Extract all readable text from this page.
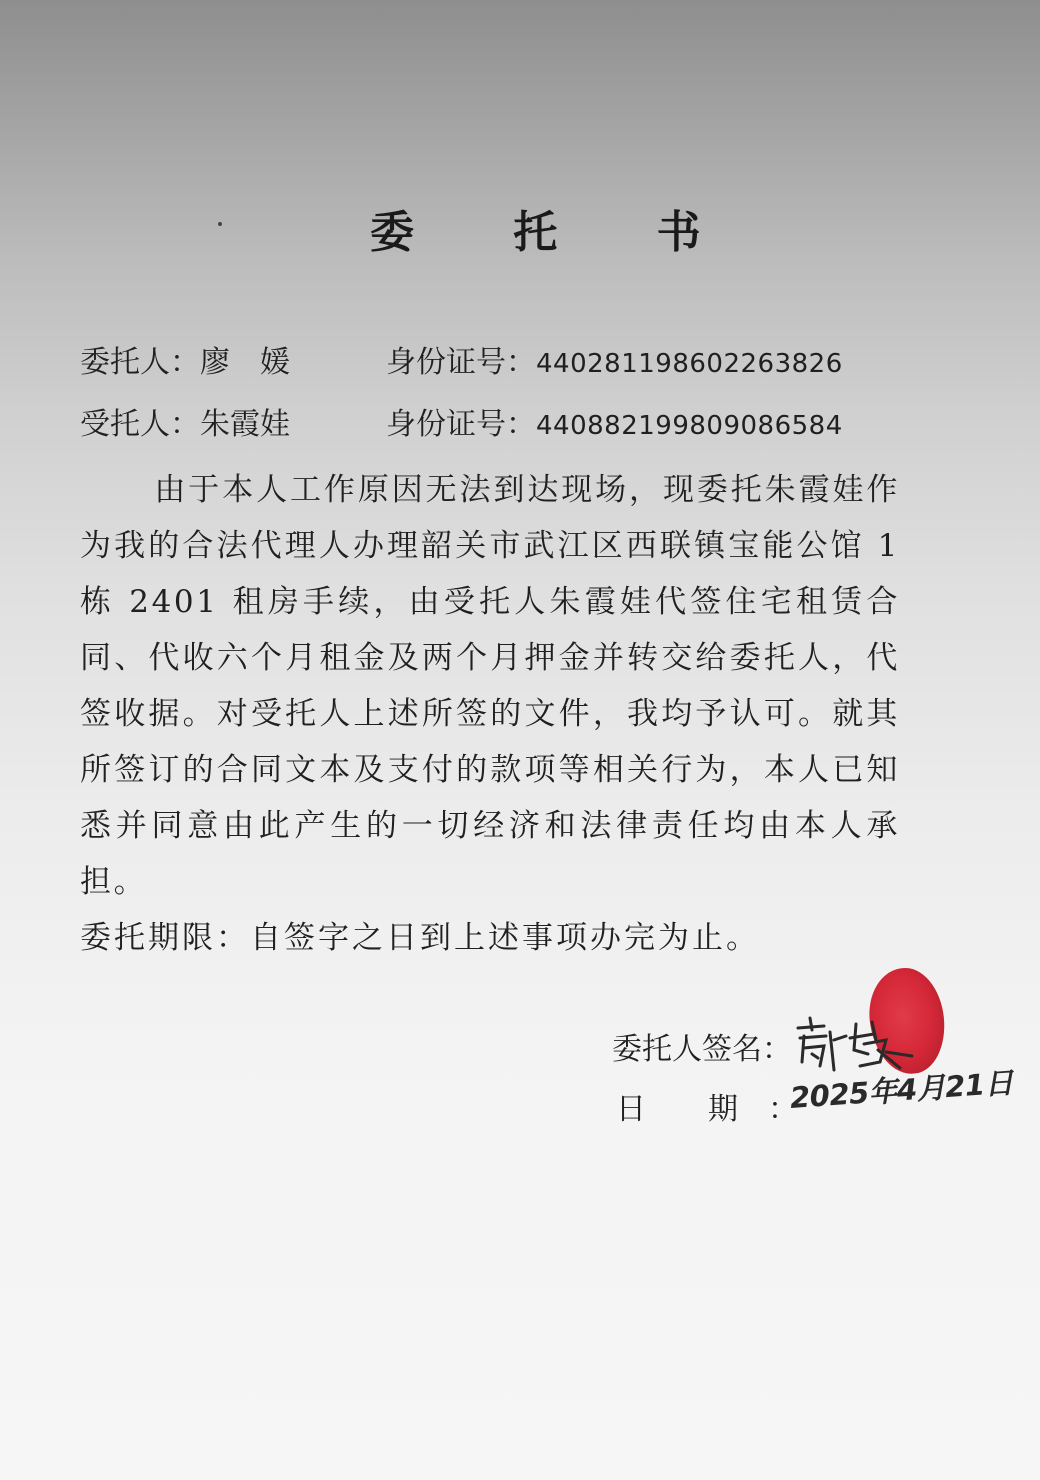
委 托 书
委托人：廖　媛	身份证号：440281198602263826
受托人：朱霞娃	身份证号：440882199809086584
由于本人工作原因无法到达现场，现委托朱霞娃作为我的合法代理人办理韶关市武江区西联镇宝能公馆 1 栋 2401 租房手续，由受托人朱霞娃代签住宅租赁合同、代收六个月租金及两个月押金并转交给委托人，代签收据。对受托人上述所签的文件，我均予认可。就其所签订的合同文本及支付的款项等相关行为，本人已知悉并同意由此产生的一切经济和法律责任均由本人承担。
委托期限：自签字之日到上述事项办完为止。
委托人签名：
日 期　：
2025年4月21日
